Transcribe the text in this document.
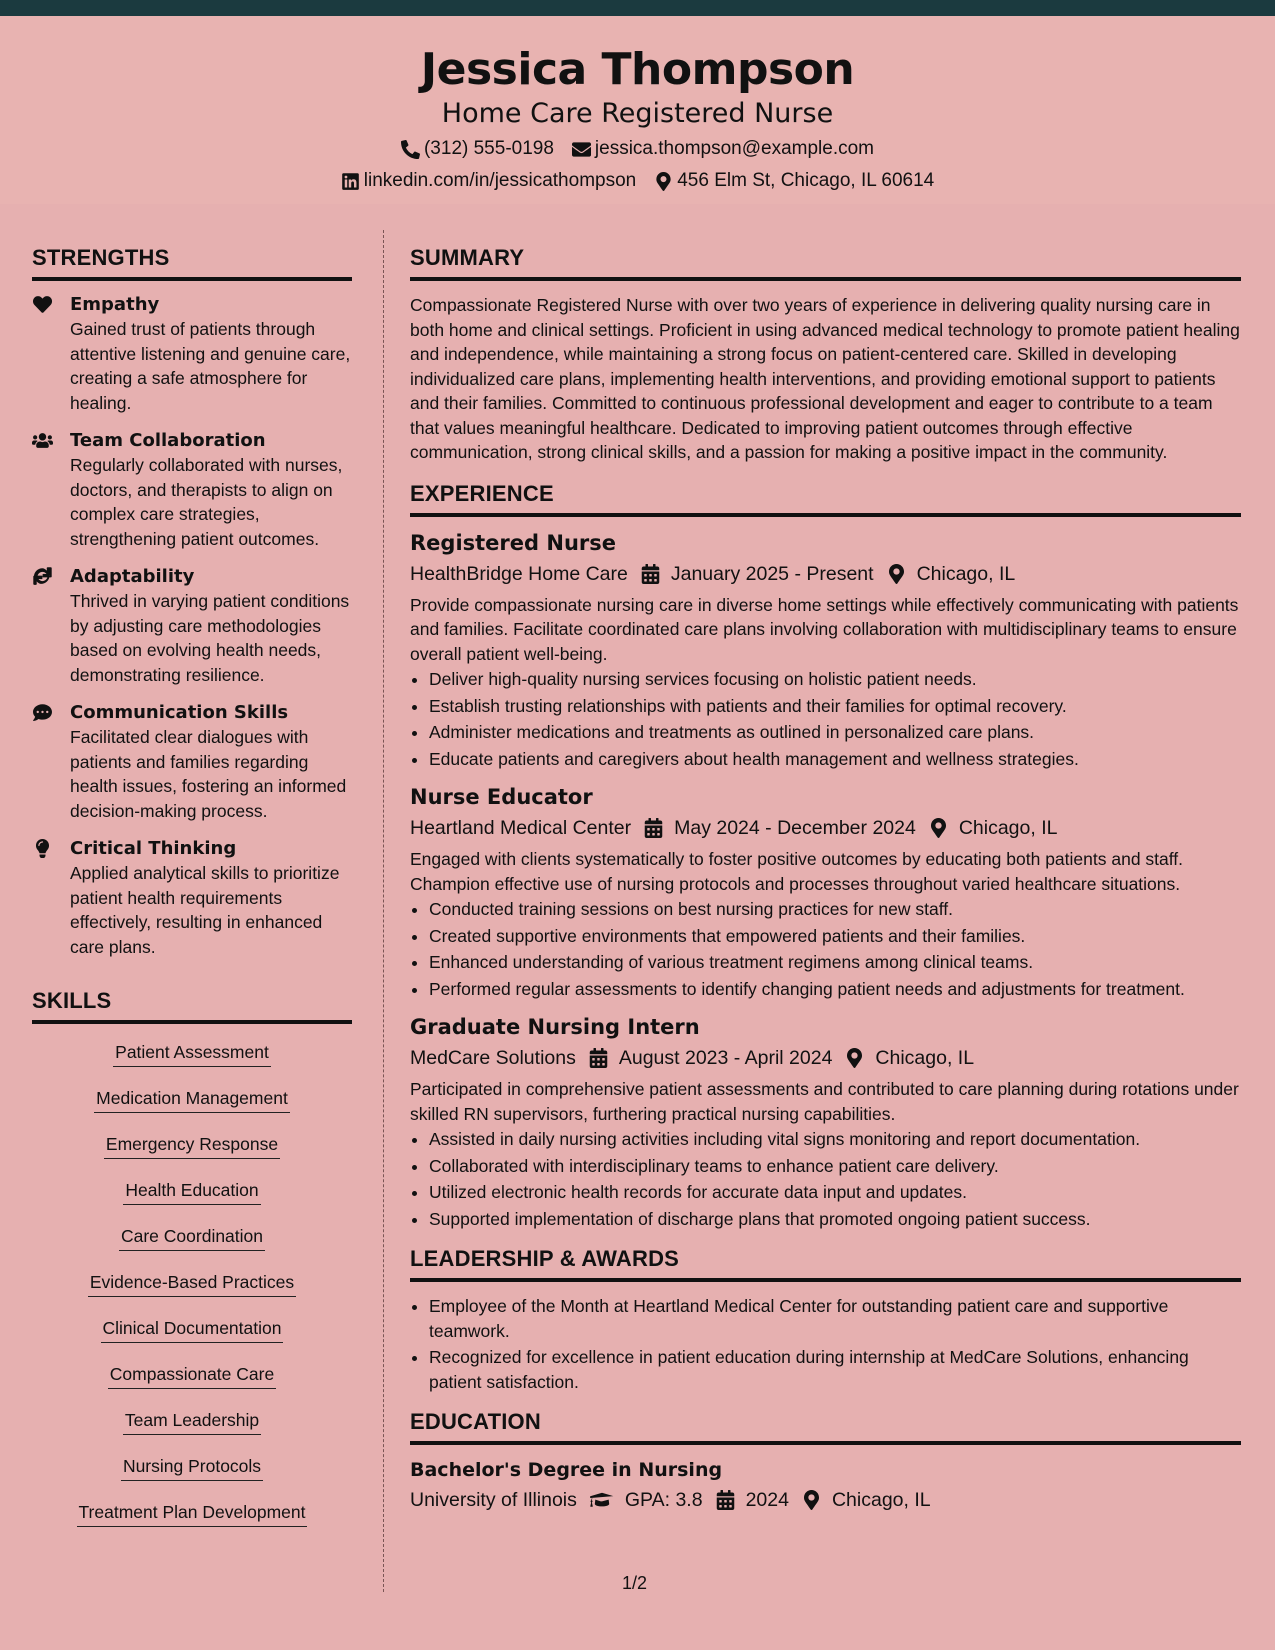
Jessica Thompson
Home Care Registered Nurse
(312) 555-0198 jessica.thompson@example.com
linkedin.com/in/jessicathompson 456 Elm St, Chicago, IL 60614
STRENGTHS
Empathy
Gained trust of patients through attentive listening and genuine care, creating a safe atmosphere for healing.
Team Collaboration
Regularly collaborated with nurses, doctors, and therapists to align on complex care strategies, strengthening patient outcomes.
Adaptability
Thrived in varying patient conditions by adjusting care methodologies based on evolving health needs, demonstrating resilience.
Communication Skills
Facilitated clear dialogues with patients and families regarding health issues, fostering an informed decision-making process.
Critical Thinking
Applied analytical skills to prioritize patient health requirements effectively, resulting in enhanced care plans.
SKILLS
Patient Assessment
Medication Management
Emergency Response
Health Education
Care Coordination
Evidence-Based Practices
Clinical Documentation
Compassionate Care
Team Leadership
Nursing Protocols
Treatment Plan Development
SUMMARY
Compassionate Registered Nurse with over two years of experience in delivering quality nursing care in both home and clinical settings. Proficient in using advanced medical technology to promote patient healing and independence, while maintaining a strong focus on patient-centered care. Skilled in developing individualized care plans, implementing health interventions, and providing emotional support to patients and their families. Committed to continuous professional development and eager to contribute to a team that values meaningful healthcare. Dedicated to improving patient outcomes through effective communication, strong clinical skills, and a passion for making a positive impact in the community.
EXPERIENCE
Registered Nurse
HealthBridge Home Care January 2025 - Present Chicago, IL
Provide compassionate nursing care in diverse home settings while effectively communicating with patients and families. Facilitate coordinated care plans involving collaboration with multidisciplinary teams to ensure overall patient well-being.
• Deliver high-quality nursing services focusing on holistic patient needs.
• Establish trusting relationships with patients and their families for optimal recovery.
• Administer medications and treatments as outlined in personalized care plans.
• Educate patients and caregivers about health management and wellness strategies.
Nurse Educator
Heartland Medical Center May 2024 - December 2024 Chicago, IL
Engaged with clients systematically to foster positive outcomes by educating both patients and staff. Champion effective use of nursing protocols and processes throughout varied healthcare situations.
• Conducted training sessions on best nursing practices for new staff.
• Created supportive environments that empowered patients and their families.
• Enhanced understanding of various treatment regimens among clinical teams.
• Performed regular assessments to identify changing patient needs and adjustments for treatment.
Graduate Nursing Intern
MedCare Solutions August 2023 - April 2024 Chicago, IL
Participated in comprehensive patient assessments and contributed to care planning during rotations under skilled RN supervisors, furthering practical nursing capabilities.
• Assisted in daily nursing activities including vital signs monitoring and report documentation.
• Collaborated with interdisciplinary teams to enhance patient care delivery.
• Utilized electronic health records for accurate data input and updates.
• Supported implementation of discharge plans that promoted ongoing patient success.
LEADERSHIP & AWARDS
• Employee of the Month at Heartland Medical Center for outstanding patient care and supportive teamwork.
• Recognized for excellence in patient education during internship at MedCare Solutions, enhancing patient satisfaction.
EDUCATION
Bachelor's Degree in Nursing
University of Illinois GPA: 3.8 2024 Chicago, IL
1/2
